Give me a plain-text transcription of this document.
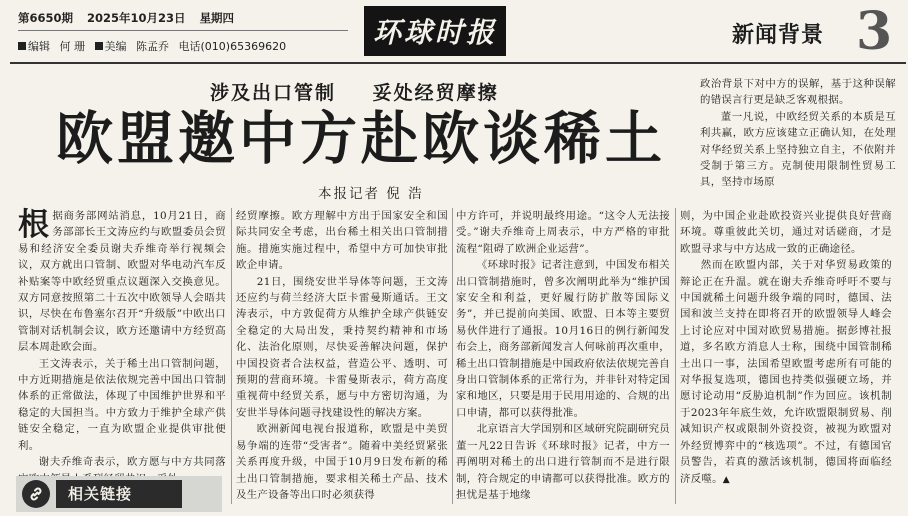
第6650期 2025年10月23日 星期四
编辑 何 珊 美编 陈孟乔 电话(010)65369620	环球时报	新闻背景 3
涉及出口管制 妥处经贸摩擦
欧盟邀中方赴欧谈稀土
本报记者 倪 浩

政治背景下对中方的误解，基于这种误解的错误言行更是缺乏客观根据。

董一凡说，中欧经贸关系的本质是互利共赢，欧方应该建立正确认知，在处理对华经贸关系上坚持独立自主，不依附并受制于第三方。克制使用限制性贸易工具，坚持市场原

根据商务部网站消息，10月21日，商务部部长王文涛应约与欧盟委员会贸易和经济安全委员谢夫乔维奇举行视频会议，双方就出口管制、欧盟对华电动汽车反补贴案等中欧经贸重点议题深入交换意见。双方同意按照第二十五次中欧领导人会晤共识，尽快在布鲁塞尔召开“升级版”中欧出口管制对话机制会议，欧方还邀请中方经贸高层本周赴欧会面。

王文涛表示，关于稀土出口管制问题，中方近期措施是依法依规完善中国出口管制体系的正常做法，体现了中国维护世界和平稳定的大国担当。中方致力于维护全球产供链安全稳定，一直为欧盟企业提供审批便利。

谢夫乔维奇表示，欧方愿与中方共同落

经贸摩擦。欧方理解中方出于国家安全和国际共同安全考虑，出台稀土相关出口管制措施。措施实施过程中，希望中方可加快审批欧企申请。

21日，围绕安世半导体等问题，王文涛还应约与荷兰经济大臣卡雷曼斯通话。王文涛表示，中方敦促荷方从维护全球产供链安全稳定的大局出发，秉持契约精神和市场化、法治化原则，尽快妥善解决问题，保护中国投资者合法权益，营造公平、透明、可预期的营商环境。卡雷曼斯表示，荷方高度重视荷中经贸关系，愿与中方密切沟通，为安世半导体问题寻找建设性的解决方案。

欧洲新闻电视台报道称，欧盟是中美贸易争端的连带“受害者”。随着中美经贸紧张关系再度升级，中国于10月9日发布新的稀土出口管制措施，要求相关稀土产品、技术及生产设备等出口时必须获得

中方许可，并说明最终用途。“这令人无法接受。”谢夫乔维奇上周表示，中方严格的审批流程“阻碍了欧洲企业运营”。

《环球时报》记者注意到，中国发布相关出口管制措施时，曾多次阐明此举为“维护国家安全和利益，更好履行防扩散等国际义务”，并已提前向美国、欧盟、日本等主要贸易伙伴进行了通报。10月16日的例行新闻发布会上，商务部新闻发言人何咏前再次重申，稀土出口管制措施是中国政府依法依规完善自身出口管制体系的正常行为，并非针对特定国家和地区，只要是用于民用用途的、合规的出口申请，都可以获得批准。

北京语言大学国别和区域研究院副研究员董一凡22日告诉《环球时报》记者，中方一再阐明对稀土的出口进行管制而不是进行限制，符合规定的申请都可以获得批准。欧方的担忧是基于地缘

则，为中国企业赴欧投资兴业提供良好营商环境。尊重彼此关切，通过对话磋商，才是欧盟寻求与中方达成一致的正确途径。

然而在欧盟内部，关于对华贸易政策的辩论正在升温。就在谢夫乔维奇呼吁不要与中国就稀土问题升级争端的同时，德国、法国和波兰支持在即将召开的欧盟领导人峰会上讨论应对中国对欧贸易措施。据彭博社报道，多名欧方消息人士称，围绕中国管制稀土出口一事，法国希望欧盟考虑所有可能的对华报复选项，德国也持类似强硬立场，并愿讨论动用“反胁迫机制”作为回应。该机制于2023年年底生效，允许欧盟限制贸易、削减知识产权或限制外资投资，被视为欧盟对外经贸博弈中的“核选项”。不过，有德国官员警告，若真的激活该机制，德国将面临经济反噬。▲

相关链接
